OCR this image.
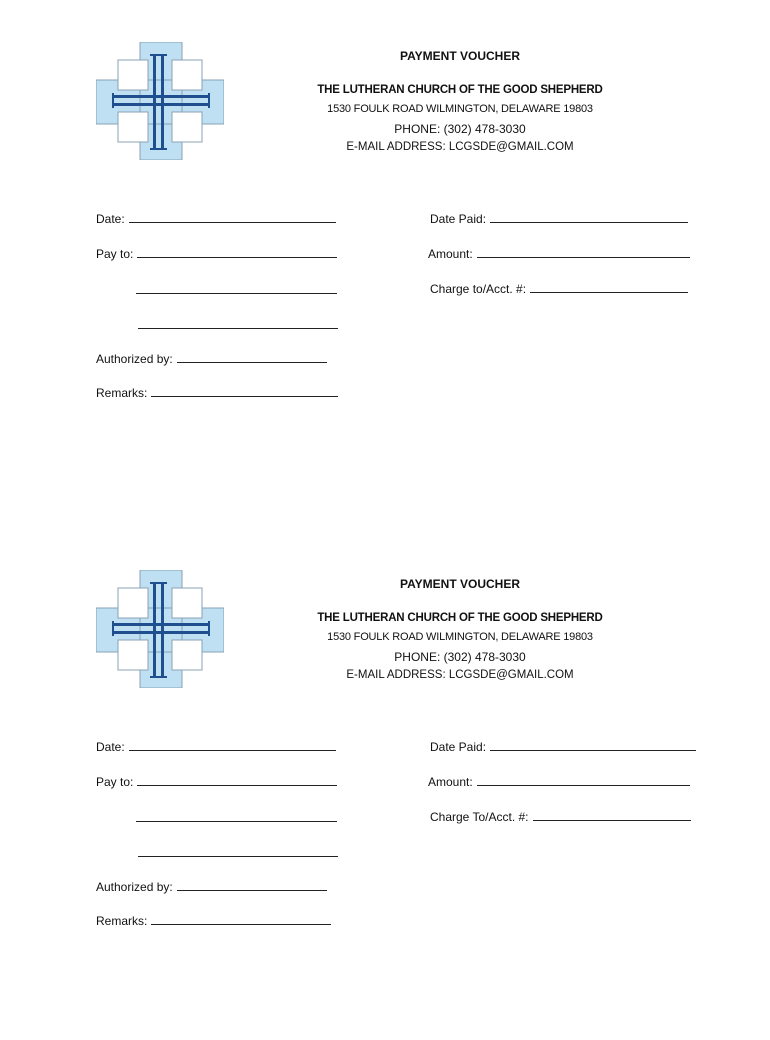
PAYMENT VOUCHER
THE LUTHERAN CHURCH OF THE GOOD SHEPHERD
1530 FOULK ROAD WILMINGTON, DELAWARE 19803
PHONE: (302) 478-3030
E-MAIL ADDRESS: LCGSDE@GMAIL.COM
Date:	Date Paid:
Pay to:	Amount:
Charge to/Acct. #:
Authorized by:
Remarks:
PAYMENT VOUCHER
THE LUTHERAN CHURCH OF THE GOOD SHEPHERD
1530 FOULK ROAD WILMINGTON, DELAWARE 19803
PHONE: (302) 478-3030
E-MAIL ADDRESS: LCGSDE@GMAIL.COM
Date:	Date Paid:
Pay to:	Amount:
Charge To/Acct. #:
Authorized by:
Remarks:
